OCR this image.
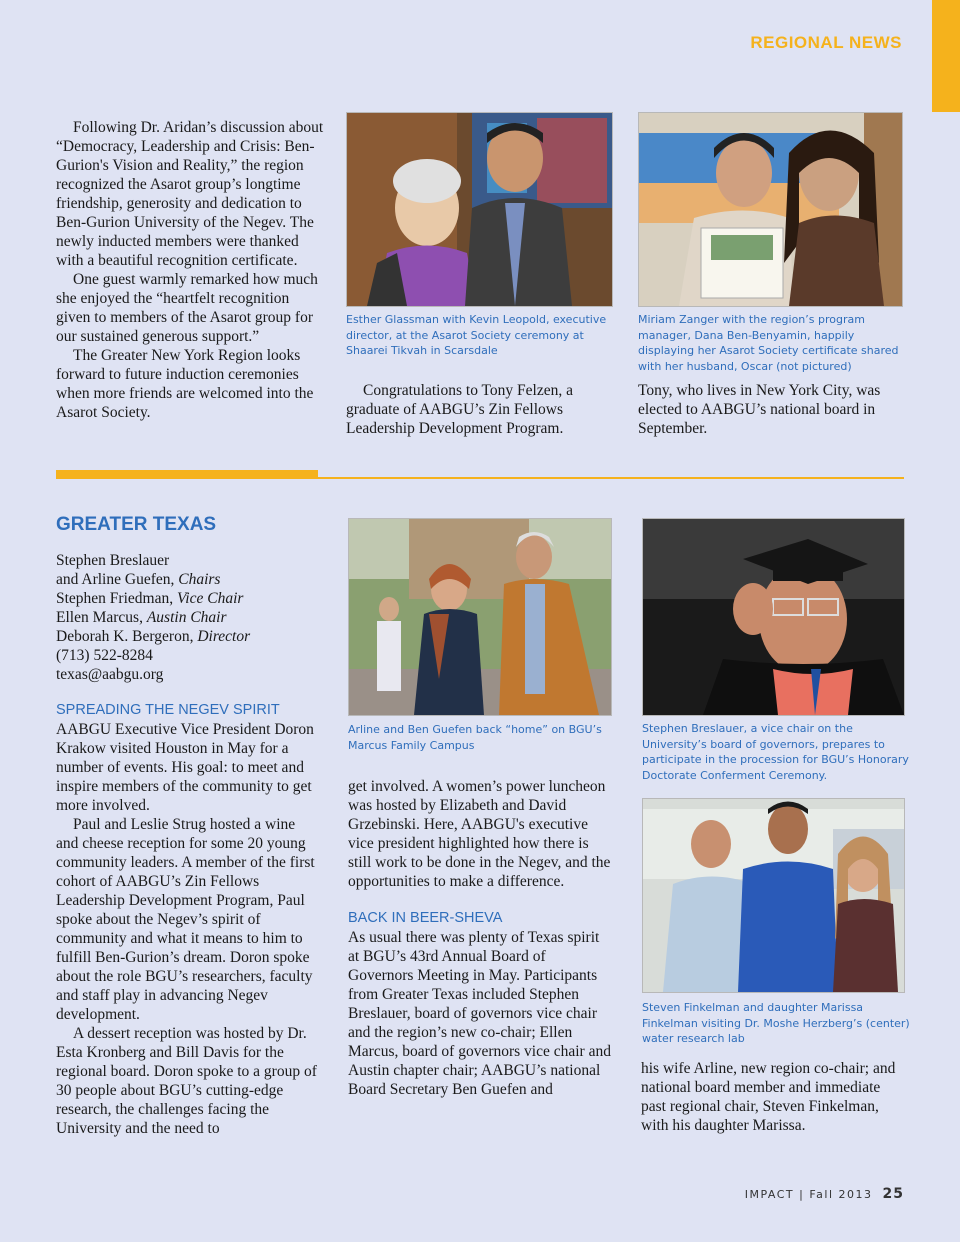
REGIONAL NEWS

Following Dr. Aridan’s discussion about “Democracy, Leadership and Crisis: Ben-Gurion's Vision and Reality,” the region recognized the Asarot group’s longtime friendship, generosity and dedication to Ben-Gurion University of the Negev. The newly inducted members were thanked with a beautiful recognition certificate.

One guest warmly remarked how much she enjoyed the “heartfelt recognition given to members of the Asarot group for our sustained generous support.”

The Greater New York Region looks forward to future induction ceremonies when more friends are welcomed into the Asarot Society.

Esther Glassman with Kevin Leopold, executive director, at the Asarot Society ceremony at Shaarei Tikvah in Scarsdale
Miriam Zanger with the region’s program manager, Dana Ben-Benyamin, happily displaying her Asarot Society certificate shared with her husband, Oscar (not pictured)

Congratulations to Tony Felzen, a graduate of AABGU’s Zin Fellows Leadership Development Program.

Tony, who lives in New York City, was elected to AABGU’s national board in September.

GREATER TEXAS

Stephen Breslauer

and Arline Guefen, Chairs

Stephen Friedman, Vice Chair

Ellen Marcus, Austin Chair

Deborah K. Bergeron, Director

(713) 522-8284

texas@aabgu.org

SPREADING THE NEGEV SPIRIT

AABGU Executive Vice President Doron Krakow visited Houston in May for a number of events. His goal: to meet and inspire members of the community to get more involved.

Paul and Leslie Strug hosted a wine and cheese reception for some 20 young community leaders. A member of the first cohort of AABGU’s Zin Fellows Leadership Development Program, Paul spoke about the Negev’s spirit of community and what it means to him to fulfill Ben-Gurion’s dream. Doron spoke about the role BGU’s researchers, faculty and staff play in advancing Negev development.

A dessert reception was hosted by Dr. Esta Kronberg and Bill Davis for the regional board. Doron spoke to a group of 30 people about BGU’s cutting-edge research, the challenges facing the University and the need to

Arline and Ben Guefen back “home” on BGU’s Marcus Family Campus

get involved. A women’s power luncheon was hosted by Elizabeth and David Grzebinski. Here, AABGU's executive vice president highlighted how there is still work to be done in the Negev, and the opportunities to make a difference.

BACK IN BEER-SHEVA

As usual there was plenty of Texas spirit at BGU’s 43rd Annual Board of Governors Meeting in May. Participants from Greater Texas included Stephen Breslauer, board of governors vice chair and the region’s new co-chair; Ellen Marcus, board of governors vice chair and Austin chapter chair; AABGU’s national Board Secretary Ben Guefen and

Stephen Breslauer, a vice chair on the University’s board of governors, prepares to participate in the procession for BGU’s Honorary Doctorate Conferment Ceremony.
Steven Finkelman and daughter Marissa Finkelman visiting Dr. Moshe Herzberg’s (center) water research lab

his wife Arline, new region co-chair; and national board member and immediate past regional chair, Steven Finkelman, with his daughter Marissa.

IMPACT | Fall 2013 25
